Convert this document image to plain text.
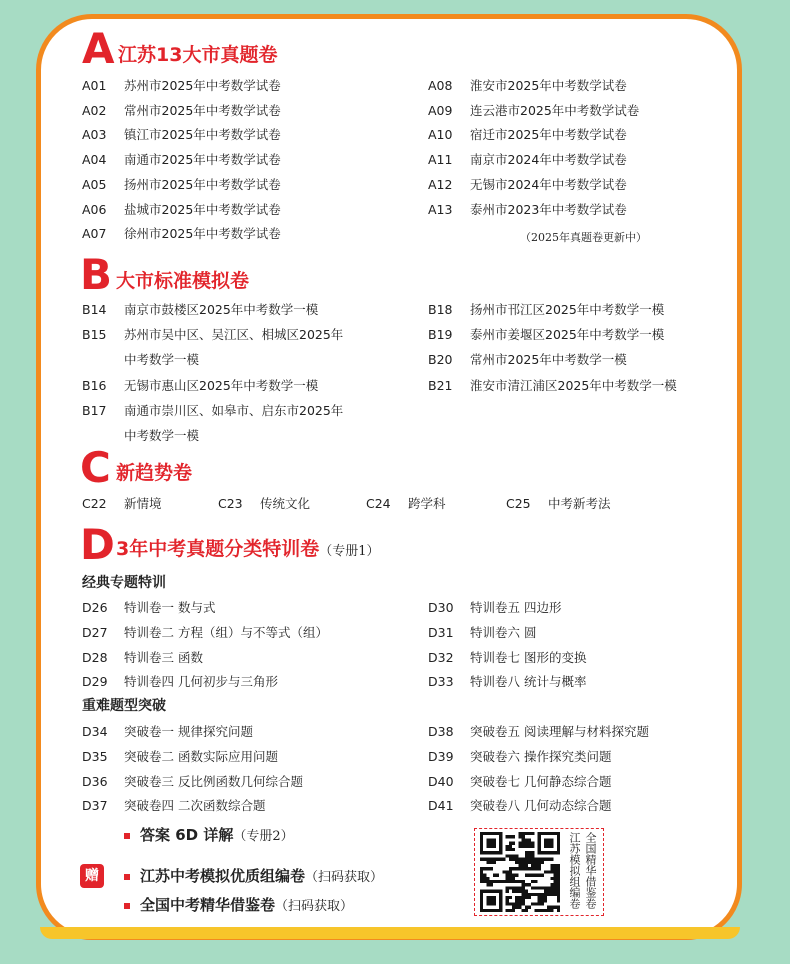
A 江苏13大市真题卷
A01 苏州市2025年中考数学试卷
A02 常州市2025年中考数学试卷
A03 镇江市2025年中考数学试卷
A04 南通市2025年中考数学试卷
A05 扬州市2025年中考数学试卷
A06 盐城市2025年中考数学试卷
A07 徐州市2025年中考数学试卷
A08 淮安市2025年中考数学试卷
A09 连云港市2025年中考数学试卷
A10 宿迁市2025年中考数学试卷
A11 南京市2024年中考数学试卷
A12 无锡市2024年中考数学试卷
A13 泰州市2023年中考数学试卷
（2025年真题卷更新中）
B 大市标准模拟卷
B14 南京市鼓楼区2025年中考数学一模
B15 苏州市吴中区、吴江区、相城区2025年
中考数学一模
B16 无锡市惠山区2025年中考数学一模
B17 南通市崇川区、如皋市、启东市2025年
中考数学一模
B18 扬州市邗江区2025年中考数学一模
B19 泰州市姜堰区2025年中考数学一模
B20 常州市2025年中考数学一模
B21 淮安市清江浦区2025年中考数学一模
C 新趋势卷
C22 新情境	C23 传统文化	C24 跨学科	C25 中考新考法
D 3年中考真题分类特训卷（专册1）
经典专题特训
D26 特训卷一 数与式
D27 特训卷二 方程（组）与不等式（组）
D28 特训卷三 函数
D29 特训卷四 几何初步与三角形
D30 特训卷五 四边形
D31 特训卷六 圆
D32 特训卷七 图形的变换
D33 特训卷八 统计与概率
重难题型突破
D34 突破卷一 规律探究问题
D35 突破卷二 函数实际应用问题
D36 突破卷三 反比例函数几何综合题
D37 突破卷四 二次函数综合题
D38 突破卷五 阅读理解与材料探究题
D39 突破卷六 操作探究类问题
D40 突破卷七 几何静态综合题
D41 突破卷八 几何动态综合题
答案 6D 详解（专册2）
赠	江苏中考模拟优质组编卷（扫码获取）
全国中考精华借鉴卷（扫码获取）	江苏模拟组编卷 全国精华借鉴卷
